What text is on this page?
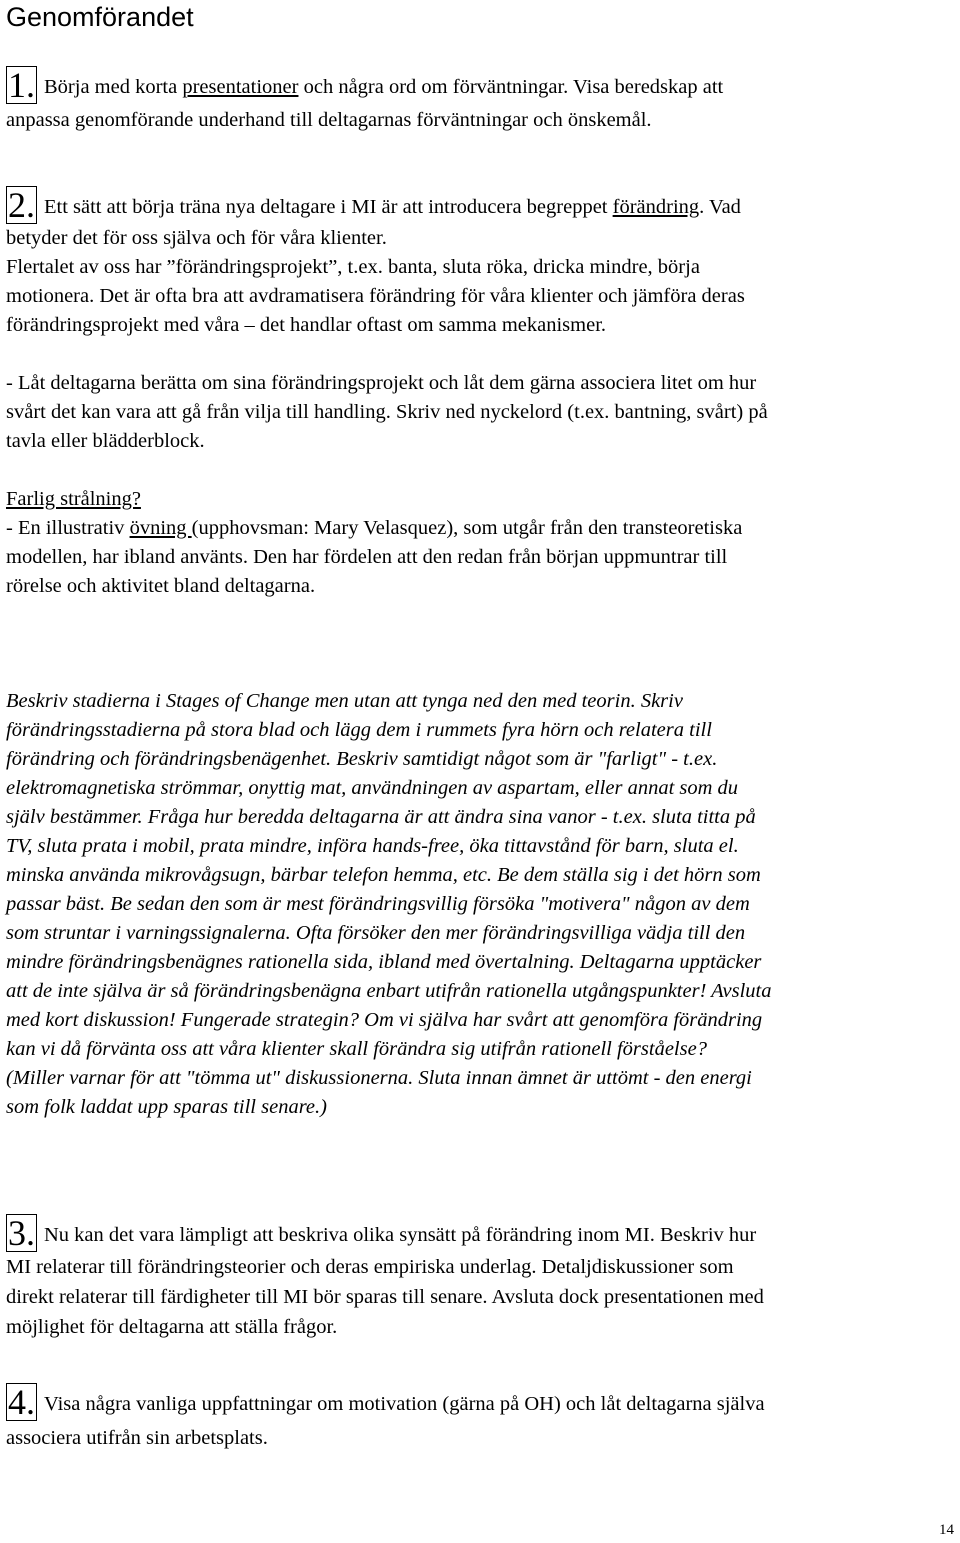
Genomförandet
1. Börja med korta presentationer och några ord om förväntningar. Visa beredskap att
anpassa genomförande underhand till deltagarnas förväntningar och önskemål.
2. Ett sätt att börja träna nya deltagare i MI är att introducera begreppet förändring. Vad
betyder det för oss själva och för våra klienter.
Flertalet av oss har ”förändringsprojekt”, t.ex. banta, sluta röka, dricka mindre, börja
motionera. Det är ofta bra att avdramatisera förändring för våra klienter och jämföra deras
förändringsprojekt med våra – det handlar oftast om samma mekanismer.
- Låt deltagarna berätta om sina förändringsprojekt och låt dem gärna associera litet om hur
svårt det kan vara att gå från vilja till handling. Skriv ned nyckelord (t.ex. bantning, svårt) på
tavla eller blädderblock.
Farlig strålning?
- En illustrativ övning (upphovsman: Mary Velasquez), som utgår från den transteoretiska
modellen, har ibland använts. Den har fördelen att den redan från början uppmuntrar till
rörelse och aktivitet bland deltagarna.
Beskriv stadierna i Stages of Change men utan att tynga ned den med teorin. Skriv
förändringsstadierna på stora blad och lägg dem i rummets fyra hörn och relatera till
förändring och förändringsbenägenhet. Beskriv samtidigt något som är "farligt" - t.ex.
elektromagnetiska strömmar, onyttig mat, användningen av aspartam, eller annat som du
själv bestämmer. Fråga hur beredda deltagarna är att ändra sina vanor - t.ex. sluta titta på
TV, sluta prata i mobil, prata mindre, införa hands-free, öka tittavstånd för barn, sluta el.
minska använda mikrovågsugn, bärbar telefon hemma, etc. Be dem ställa sig i det hörn som
passar bäst. Be sedan den som är mest förändringsvillig försöka "motivera" någon av dem
som struntar i varningssignalerna. Ofta försöker den mer förändringsvilliga vädja till den
mindre förändringsbenägnes rationella sida, ibland med övertalning. Deltagarna upptäcker
att de inte själva är så förändringsbenägna enbart utifrån rationella utgångspunkter! Avsluta
med kort diskussion! Fungerade strategin? Om vi själva har svårt att genomföra förändring
kan vi då förvänta oss att våra klienter skall förändra sig utifrån rationell förståelse?
(Miller varnar för att "tömma ut" diskussionerna. Sluta innan ämnet är uttömt - den energi
som folk laddat upp sparas till senare.)
3. Nu kan det vara lämpligt att beskriva olika synsätt på förändring inom MI. Beskriv hur
MI relaterar till förändringsteorier och deras empiriska underlag. Detaljdiskussioner som
direkt relaterar till färdigheter till MI bör sparas till senare. Avsluta dock presentationen med
möjlighet för deltagarna att ställa frågor.
4. Visa några vanliga uppfattningar om motivation (gärna på OH) och låt deltagarna själva
associera utifrån sin arbetsplats.
14
